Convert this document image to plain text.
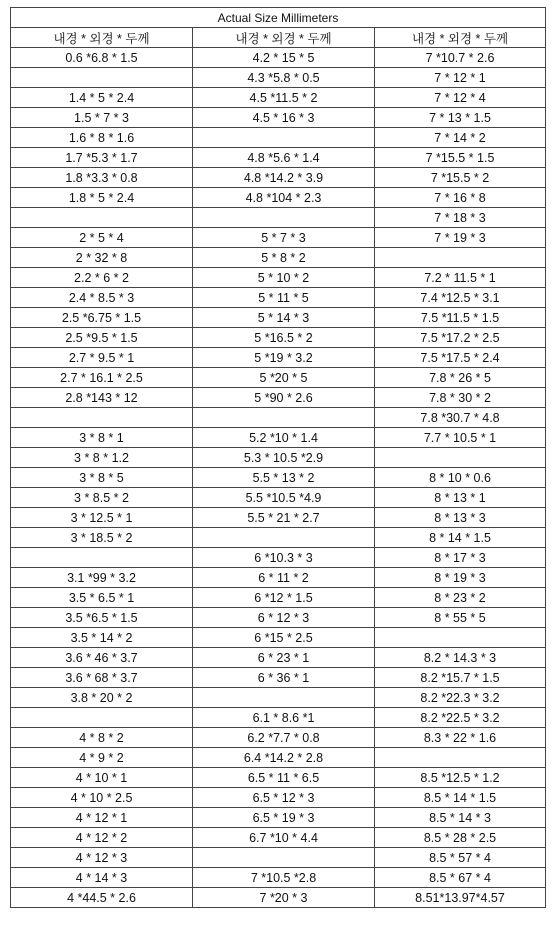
Actual Size Millimeters		
내경 * 외경 * 두께	내경 * 외경 * 두께	내경 * 외경 * 두께
0.6 *6.8 * 1.5	4.2 * 15 * 5	7 *10.7 * 2.6
	4.3 *5.8 * 0.5	7 * 12 * 1
1.4 * 5 * 2.4	4.5 *11.5 * 2	7 * 12 * 4
1.5 * 7 * 3	4.5 * 16 * 3	7 * 13 * 1.5
1.6 * 8 * 1.6		7 * 14 * 2
1.7 *5.3 * 1.7	4.8 *5.6 * 1.4	7 *15.5 * 1.5
1.8 *3.3 * 0.8	4.8 *14.2 * 3.9	7 *15.5 * 2
1.8 * 5 * 2.4	4.8 *104 * 2.3	7 * 16 * 8
		7 * 18 * 3
2 * 5 * 4	5 * 7 * 3	7 * 19 * 3
2 * 32 * 8	5 * 8 * 2	
2.2 * 6 * 2	5 * 10 * 2	7.2 * 11.5 * 1
2.4 * 8.5 * 3	5 * 11 * 5	7.4 *12.5 * 3.1
2.5 *6.75 * 1.5	5 * 14 * 3	7.5 *11.5 * 1.5
2.5 *9.5 * 1.5	5 *16.5 * 2	7.5 *17.2 * 2.5
2.7 * 9.5 * 1	5 *19 * 3.2	7.5 *17.5 * 2.4
2.7 * 16.1 * 2.5	5 *20 * 5	7.8 * 26 * 5
2.8 *143 * 12	5 *90 * 2.6	7.8 * 30 * 2
		7.8 *30.7 * 4.8
3 * 8 * 1	5.2 *10 * 1.4	7.7 * 10.5 * 1
3 * 8 * 1.2	5.3 * 10.5 *2.9	
3 * 8 * 5	5.5 * 13 * 2	8 * 10 * 0.6
3 * 8.5 * 2	5.5 *10.5 *4.9	8 * 13 * 1
3 * 12.5 * 1	5.5 * 21 * 2.7	8 * 13 * 3
3 * 18.5 * 2		8 * 14 * 1.5
	6 *10.3 * 3	8 * 17 * 3
3.1 *99 * 3.2	6 * 11 * 2	8 * 19 * 3
3.5 * 6.5 * 1	6 *12 * 1.5	8 * 23 * 2
3.5 *6.5 * 1.5	6 * 12 * 3	8 * 55 * 5
3.5 * 14 * 2	6 *15 * 2.5	
3.6 * 46 * 3.7	6 * 23 * 1	8.2 * 14.3 * 3
3.6 * 68 * 3.7	6 * 36 * 1	8.2 *15.7 * 1.5
3.8 * 20 * 2		8.2 *22.3 * 3.2
	6.1 * 8.6 *1	8.2 *22.5 * 3.2
4 * 8 * 2	6.2 *7.7 * 0.8	8.3 * 22 * 1.6
4 * 9 * 2	6.4 *14.2 * 2.8	
4 * 10 * 1	6.5 * 11 * 6.5	8.5 *12.5 * 1.2
4 * 10 * 2.5	6.5 * 12 * 3	8.5 * 14 * 1.5
4 * 12 * 1	6.5 * 19 * 3	8.5 * 14 * 3
4 * 12 * 2	6.7 *10 * 4.4	8.5 * 28 * 2.5
4 * 12 * 3		8.5 * 57 * 4
4 * 14 * 3	7 *10.5 *2.8	8.5 * 67 * 4
4 *44.5 * 2.6	7 *20 * 3	8.51*13.97*4.57
